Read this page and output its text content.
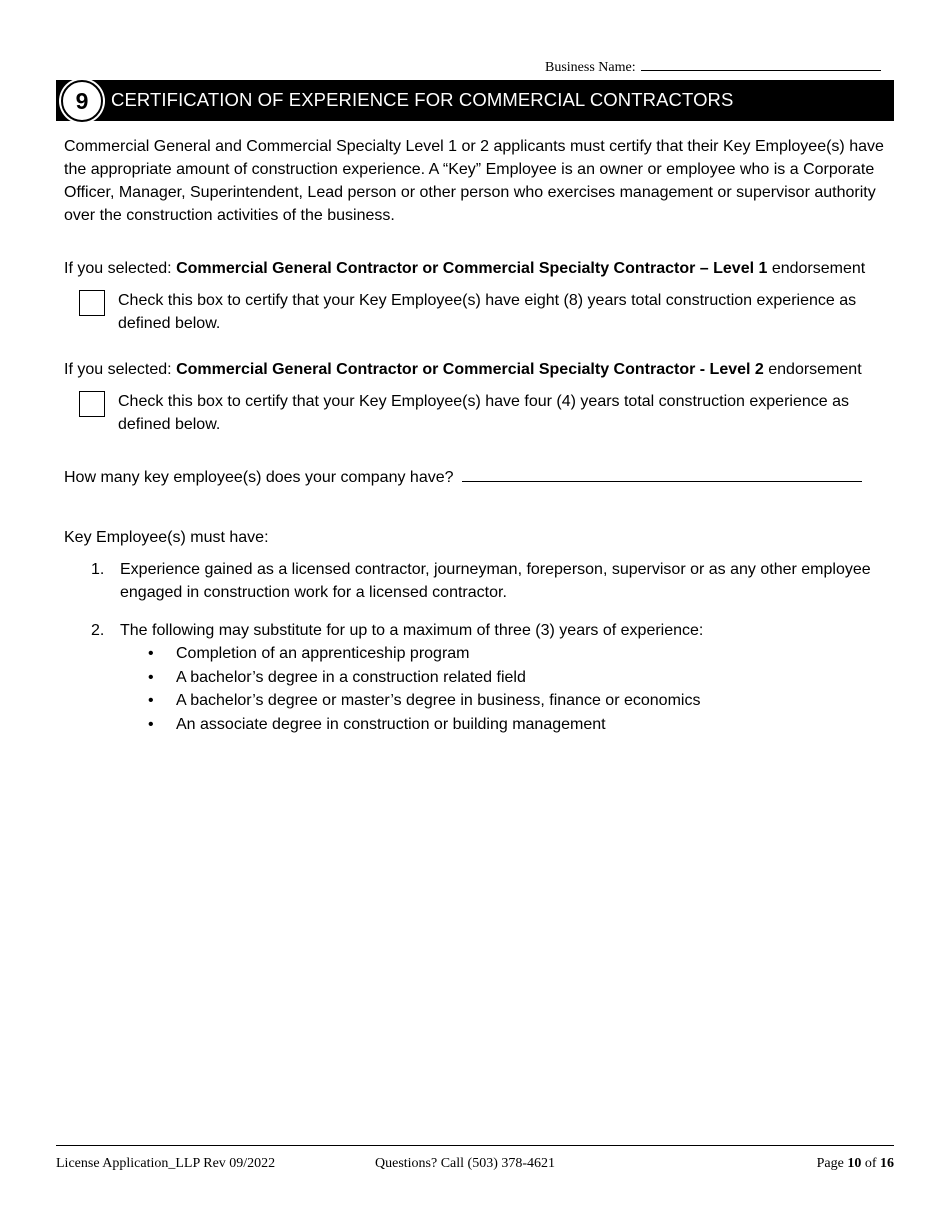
Business Name:
9	CERTIFICATION OF EXPERIENCE FOR COMMERCIAL CONTRACTORS
Commercial General and Commercial Specialty Level 1 or 2 applicants must certify that their Key Employee(s) have the appropriate amount of construction experience. A “Key” Employee is an owner or employee who is a Corporate Officer, Manager, Superintendent, Lead person or other person who exercises management or supervisor authority over the construction activities of the business.
If you selected: Commercial General Contractor or Commercial Specialty Contractor – Level 1 endorsement
Check this box to certify that your Key Employee(s) have eight (8) years total construction experience as defined below.
If you selected: Commercial General Contractor or Commercial Specialty Contractor - Level 2 endorsement
Check this box to certify that your Key Employee(s) have four (4) years total construction experience as defined below.
How many key employee(s) does your company have?
Key Employee(s) must have:
1. Experience gained as a licensed contractor, journeyman, foreperson, supervisor or as any other employee engaged in construction work for a licensed contractor.
2. The following may substitute for up to a maximum of three (3) years of experience:
• Completion of an apprenticeship program
• A bachelor’s degree in a construction related field
• A bachelor’s degree or master’s degree in business, finance or economics
• An associate degree in construction or building management
License Application_LLP Rev 09/2022	Questions? Call (503) 378-4621	Page 10 of 16
